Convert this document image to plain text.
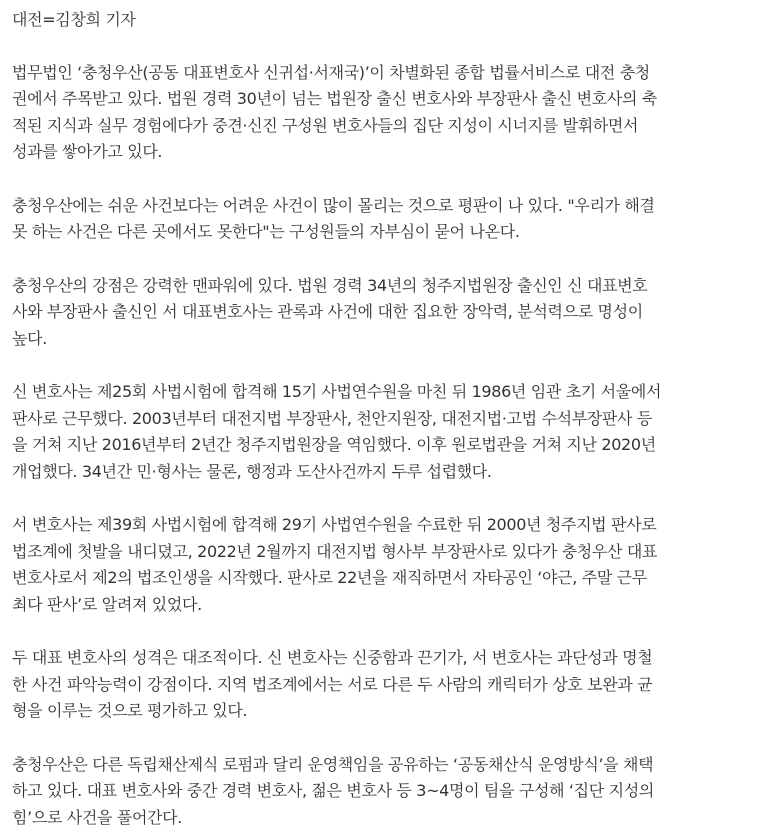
대전=김창희 기자
법무법인 ‘충청우산(공동 대표변호사 신귀섭·서재국)’이 차별화된 종합 법률서비스로 대전 충청
권에서 주목받고 있다. 법원 경력 30년이 넘는 법원장 출신 변호사와 부장판사 출신 변호사의 축
적된 지식과 실무 경험에다가 중견·신진 구성원 변호사들의 집단 지성이 시너지를 발휘하면서
성과를 쌓아가고 있다.
충청우산에는 쉬운 사건보다는 어려운 사건이 많이 몰리는 것으로 평판이 나 있다. "우리가 해결
못 하는 사건은 다른 곳에서도 못한다"는 구성원들의 자부심이 묻어 나온다.
충청우산의 강점은 강력한 맨파워에 있다. 법원 경력 34년의 청주지법원장 출신인 신 대표변호
사와 부장판사 출신인 서 대표변호사는 관록과 사건에 대한 집요한 장악력, 분석력으로 명성이
높다.
신 변호사는 제25회 사법시험에 합격해 15기 사법연수원을 마친 뒤 1986년 임관 초기 서울에서
판사로 근무했다. 2003년부터 대전지법 부장판사, 천안지원장, 대전지법·고법 수석부장판사 등
을 거쳐 지난 2016년부터 2년간 청주지법원장을 역임했다. 이후 원로법관을 거쳐 지난 2020년
개업했다. 34년간 민·형사는 물론, 행정과 도산사건까지 두루 섭렵했다.
서 변호사는 제39회 사법시험에 합격해 29기 사법연수원을 수료한 뒤 2000년 청주지법 판사로
법조계에 첫발을 내디뎠고, 2022년 2월까지 대전지법 형사부 부장판사로 있다가 충청우산 대표
변호사로서 제2의 법조인생을 시작했다. 판사로 22년을 재직하면서 자타공인 ‘야근, 주말 근무
최다 판사’로 알려져 있었다.
두 대표 변호사의 성격은 대조적이다. 신 변호사는 신중함과 끈기가, 서 변호사는 과단성과 명철
한 사건 파악능력이 강점이다. 지역 법조계에서는 서로 다른 두 사람의 캐릭터가 상호 보완과 균
형을 이루는 것으로 평가하고 있다.
충청우산은 다른 독립채산제식 로펌과 달리 운영책임을 공유하는 ‘공동채산식 운영방식’을 채택
하고 있다. 대표 변호사와 중간 경력 변호사, 젊은 변호사 등 3~4명이 팀을 구성해 ‘집단 지성의
힘’으로 사건을 풀어간다.
